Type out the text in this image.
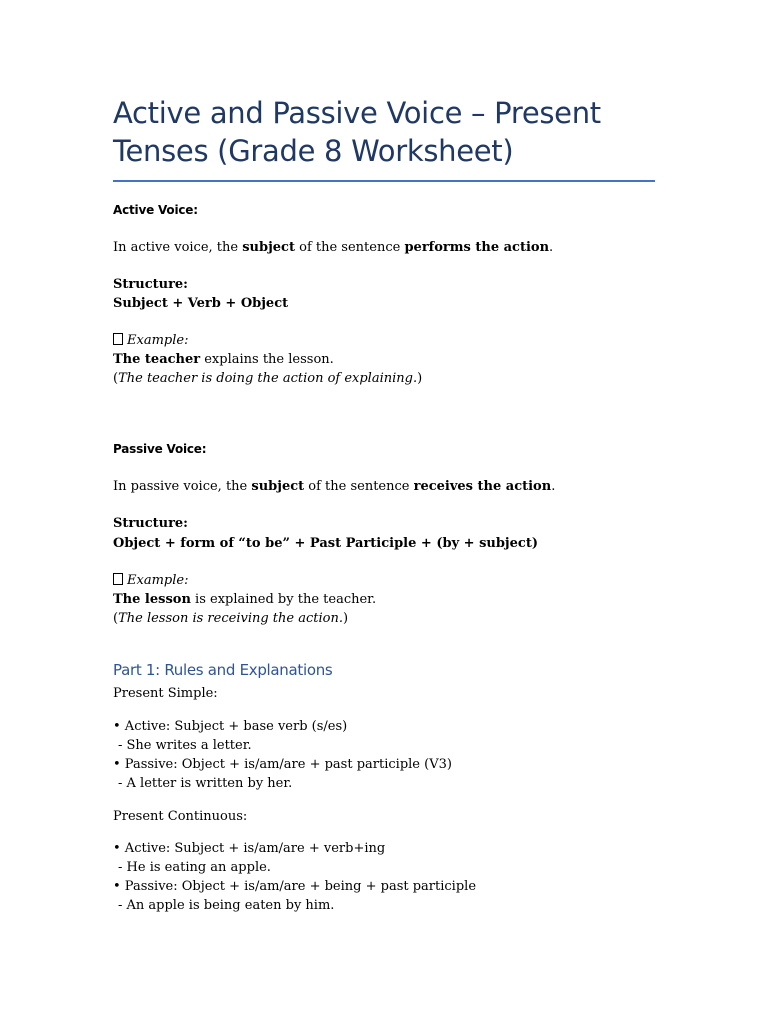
Active and Passive Voice – Present Tenses (Grade 8 Worksheet)
Active Voice:
In active voice, the subject of the sentence performs the action.
Structure:
Subject + Verb + Object
Example:
The teacher explains the lesson.
(The teacher is doing the action of explaining.)
Passive Voice:
In passive voice, the subject of the sentence receives the action.
Structure:
Object + form of “to be” + Past Participle + (by + subject)
Example:
The lesson is explained by the teacher.
(The lesson is receiving the action.)
Part 1: Rules and Explanations
Present Simple:
• Active: Subject + base verb (s/es)
- She writes a letter.
• Passive: Object + is/am/are + past participle (V3)
- A letter is written by her.
Present Continuous:
• Active: Subject + is/am/are + verb+ing
- He is eating an apple.
• Passive: Object + is/am/are + being + past participle
- An apple is being eaten by him.
